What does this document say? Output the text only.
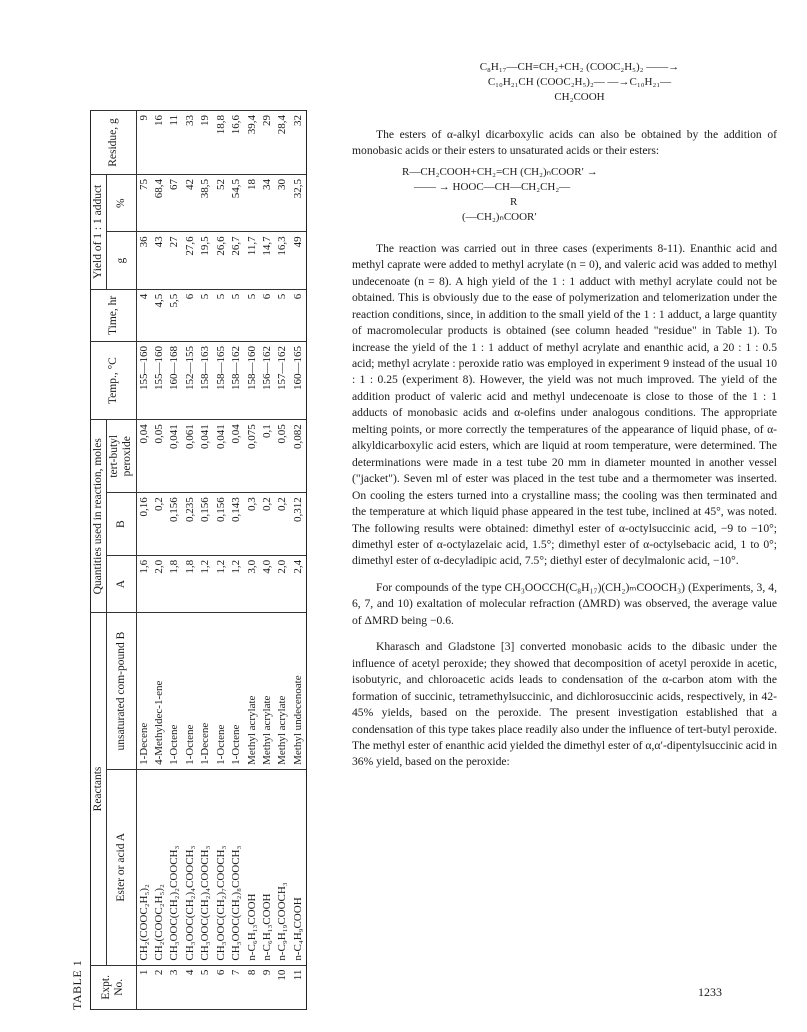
TABLE 1 Expt. No.	Reactants		Quantities used in reaction, moles			Temp., °C	Time, hr	Yield of 1 : 1 adduct		Residue, g
	Ester or acid A	unsaturated com-pound B	A	B	tert-butyl peroxide			g	%	
1	CH₂(COOC₂H₅)₂	1-Decene	1,6	0,16	0,04	155—160	4	36	75	9
2	CH₂(COOC₂H₅)₂	4-Methyldec-1-ene	2,0	0,2	0,05	155—160	4,5	43	68,4	16
3	CH₃OOC(CH₂)₂COOCH₃	1-Octene	1,8	0,156	0,041	160—168	5,5	27	67	11
4	CH₃OOC(CH₂)₄COOCH₃	1-Octene	1,8	0,235	0,061	152—155	6	27,6	42	33
5	CH₃OOC(CH₂)₄COOCH₃	1-Decene	1,2	0,156	0,041	158—163	5	19,5	38,5	19
6	CH₃OOC(CH₂)₇COOCH₃	1-Octene	1,2	0,156	0,041	158—165	5	26,6	52	18,8
7	CH₃OOC(CH₂)₈COOCH₃	1-Octene	1,2	0,143	0,04	158—162	5	26,7	54,5	16,6
8	n-C₆H₁₃COOH	Methyl acrylate	3,0	0,3	0,075	158—160	5	11,7	18	39,4
9	n-C₆H₁₃COOH	Methyl acrylate	4,0	0,2	0,1	156—162	6	14,7	34	29
10	n-C₉H₁₉COOCH₃	Methyl acrylate	2,0	0,2	0,05	157—162	5	16,3	30	28,4
11	n-C₄H₉COOH	Methyl undecenoate	2,4	0,312	0,082	160—165	6	49	32,5	32
C₈H₁₇—CH=CH₂+CH₂ (COOC₂H₅)₂ ——→
C₁₀H₂₁CH (COOC₂H₅)₂— —→C₁₀H₂₁—
CH₂COOH

The esters of α-alkyl dicarboxylic acids can also be obtained by the addition of monobasic acids or their esters to unsaturated acids or their esters:

R—CH₂COOH+CH₂=CH (CH₂)ₙCOOR′ →
—— → HOOC—CH—CH₂CH₂—
R
(—CH₂)ₙCOOR′

The reaction was carried out in three cases (experiments 8-11). Enanthic acid and methyl caprate were added to methyl acrylate (n = 0), and valeric acid was added to methyl undecenoate (n = 8). A high yield of the 1 : 1 adduct with methyl acrylate could not be obtained. This is obviously due to the ease of polymerization and telomerization under the reaction conditions, since, in addition to the small yield of the 1 : 1 adduct, a large quantity of macromolecular products is obtained (see column headed "residue" in Table 1). To increase the yield of the 1 : 1 adduct of methyl acrylate and enanthic acid, a 20 : 1 : 0.5 acid; methyl acrylate : peroxide ratio was employed in experiment 9 instead of the usual 10 : 1 : 0.25 (experiment 8). However, the yield was not much improved. The yield of the addition product of valeric acid and methyl undecenoate is close to those of the 1 : 1 adducts of monobasic acids and α-olefins under analogous conditions. The appropriate melting points, or more correctly the temperatures of the appearance of liquid phase, of α-alkyldicarboxylic acid esters, which are liquid at room temperature, were determined. The determinations were made in a test tube 20 mm in diameter mounted in another vessel ("jacket"). Seven ml of ester was placed in the test tube and a thermometer was inserted. On cooling the esters turned into a crystalline mass; the cooling was then terminated and the temperature at which liquid phase appeared in the test tube, inclined at 45°, was noted. The following results were obtained: dimethyl ester of α-octylsuccinic acid, −9 to −10°; dimethyl ester of α-octylazelaic acid, 1.5°; dimethyl ester of α-octylsebacic acid, 1 to 0°; dimethyl ester of α-decyladipic acid, 7.5°; diethyl ester of decylmalonic acid, −10°.

For compounds of the type CH₃OOCCH(C₈H₁₇)(CH₂)ₘCOOCH₃) (Experiments, 3, 4, 6, 7, and 10) exaltation of molecular refraction (ΔMRD) was observed, the average value of ΔMRD being −0.6.

Kharasch and Gladstone [3] converted monobasic acids to the dibasic under the influence of acetyl peroxide; they showed that decomposition of acetyl peroxide in acetic, isobutyric, and chloroacetic acids leads to condensation of the α-carbon atom with the formation of succinic, tetramethylsuccinic, and dichlorosuccinic acids, respectively, in 42-45% yields, based on the peroxide. The present investigation established that a condensation of this type takes place readily also under the influence of tert-butyl peroxide. The methyl ester of enanthic acid yielded the dimethyl ester of α,α′-dipentylsuccinic acid in 36% yield, based on the peroxide:

1233
